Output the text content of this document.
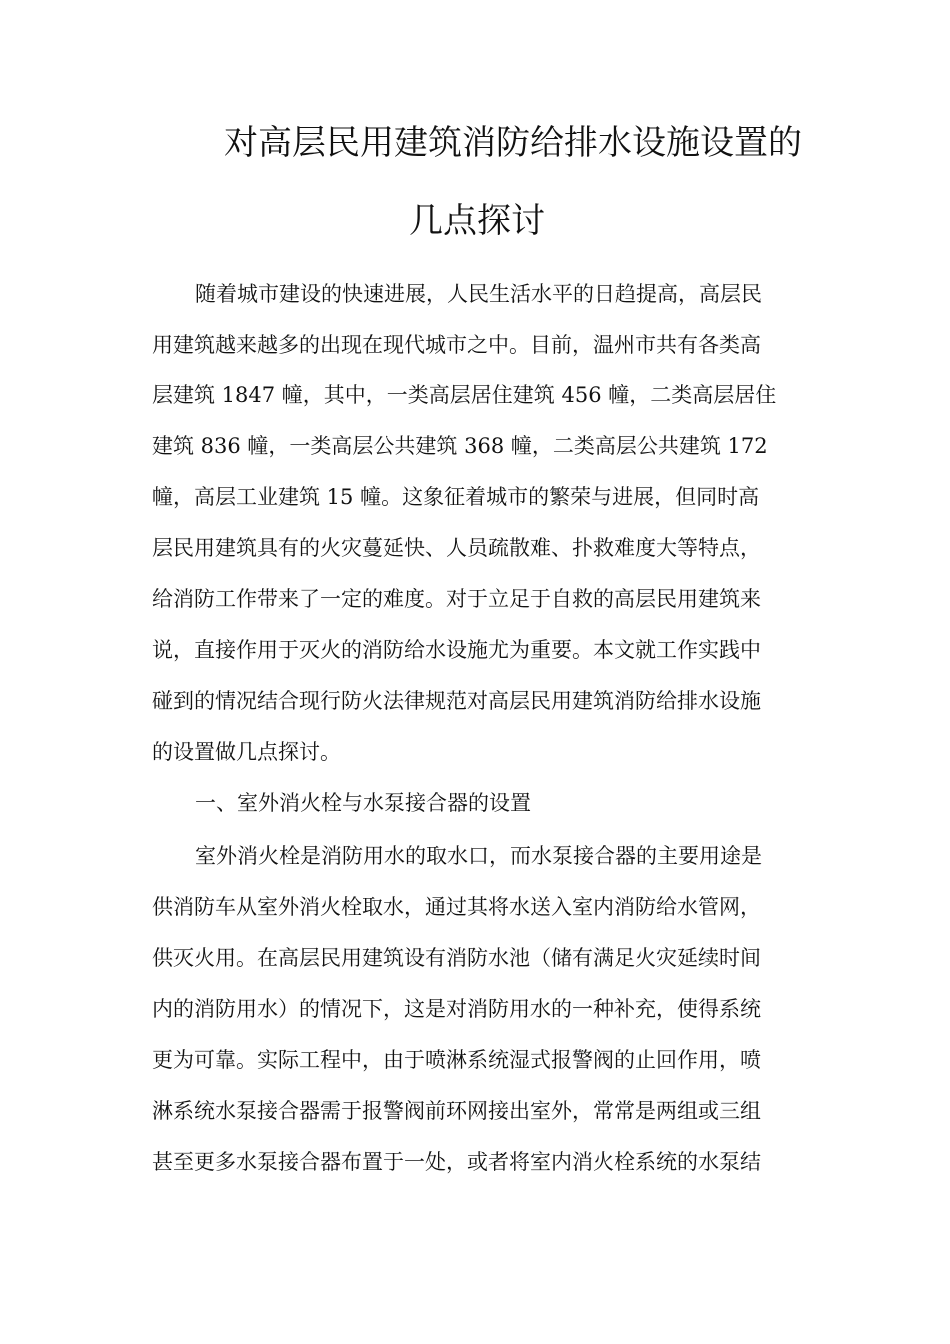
对高层民用建筑消防给排水设施设置的
几点探讨
随着城市建设的快速进展，人民生活水平的日趋提高，高层民
用建筑越来越多的出现在现代城市之中。目前，温州市共有各类高
层建筑 1847 幢，其中，一类高层居住建筑 456 幢，二类高层居住
建筑 836 幢，一类高层公共建筑 368 幢，二类高层公共建筑 172
幢，高层工业建筑 15 幢。这象征着城市的繁荣与进展，但同时高
层民用建筑具有的火灾蔓延快、人员疏散难、扑救难度大等特点，
给消防工作带来了一定的难度。对于立足于自救的高层民用建筑来
说，直接作用于灭火的消防给水设施尤为重要。本文就工作实践中
碰到的情况结合现行防火法律规范对高层民用建筑消防给排水设施
的设置做几点探讨。
一、室外消火栓与水泵接合器的设置
室外消火栓是消防用水的取水口，而水泵接合器的主要用途是
供消防车从室外消火栓取水，通过其将水送入室内消防给水管网，
供灭火用。在高层民用建筑设有消防水池（储有满足火灾延续时间
内的消防用水）的情况下，这是对消防用水的一种补充，使得系统
更为可靠。实际工程中，由于喷淋系统湿式报警阀的止回作用，喷
淋系统水泵接合器需于报警阀前环网接出室外，常常是两组或三组
甚至更多水泵接合器布置于一处，或者将室内消火栓系统的水泵结
